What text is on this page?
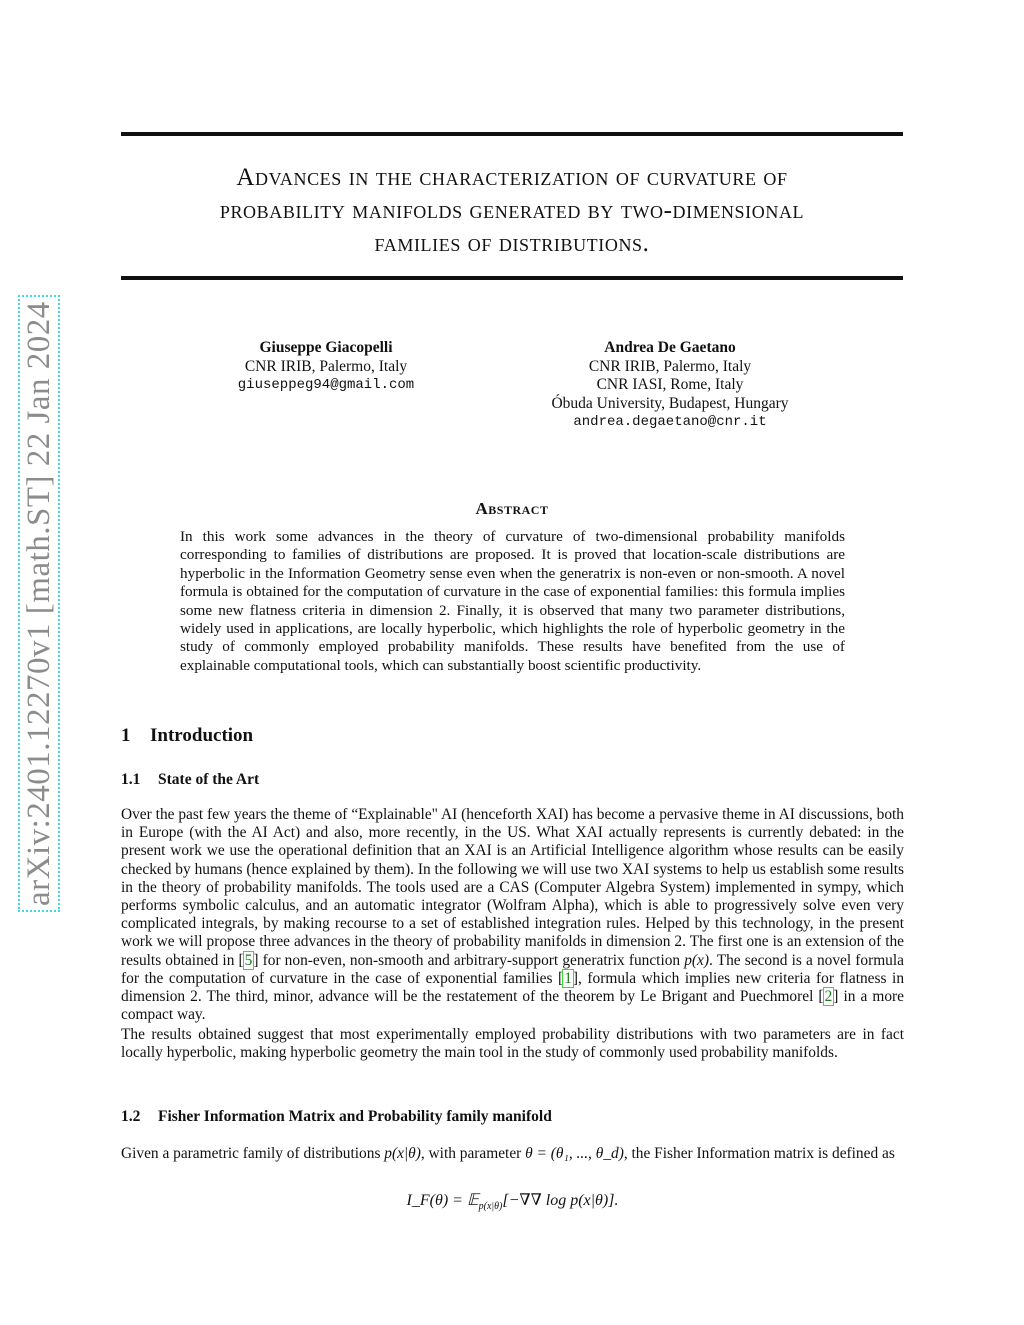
Advances in the characterization of curvature of
probability manifolds generated by two-dimensional
families of distributions.
arXiv:2401.12270v1 [math.ST] 22 Jan 2024	Giuseppe Giacopelli
CNR IRIB, Palermo, Italy
giuseppeg94@gmail.com
Andrea De Gaetano
CNR IRIB, Palermo, Italy
CNR IASI, Rome, Italy
Óbuda University, Budapest, Hungary
andrea.degaetano@cnr.it
Abstract

In this work some advances in the theory of curvature of two-dimensional probability manifolds corresponding to families of distributions are proposed. It is proved that location-scale distributions are hyperbolic in the Information Geometry sense even when the generatrix is non-even or non-smooth. A novel formula is obtained for the computation of curvature in the case of exponential families: this formula implies some new flatness criteria in dimension 2. Finally, it is observed that many two parameter distributions, widely used in applications, are locally hyperbolic, which highlights the role of hyperbolic geometry in the study of commonly employed probability manifolds. These results have benefited from the use of explainable computational tools, which can substantially boost scientific productivity.

1 Introduction
1.1 State of the Art

Over the past few years the theme of “Explainable" AI (henceforth XAI) has become a pervasive theme in AI discussions, both in Europe (with the AI Act) and also, more recently, in the US. What XAI actually represents is currently debated: in the present work we use the operational definition that an XAI is an Artificial Intelligence algorithm whose results can be easily checked by humans (hence explained by them). In the following we will use two XAI systems to help us establish some results in the theory of probability manifolds. The tools used are a CAS (Computer Algebra System) implemented in sympy, which performs symbolic calculus, and an automatic integrator (Wolfram Alpha), which is able to progressively solve even very complicated integrals, by making recourse to a set of established integration rules. Helped by this technology, in the present work we will propose three advances in the theory of probability manifolds in dimension 2. The first one is an extension of the results obtained in [5] for non-even, non-smooth and arbitrary-support generatrix function p(x). The second is a novel formula for the computation of curvature in the case of exponential families [1], formula which implies new criteria for flatness in dimension 2. The third, minor, advance will be the restatement of the theorem by Le Brigant and Puechmorel [2] in a more compact way.

The results obtained suggest that most experimentally employed probability distributions with two parameters are in fact locally hyperbolic, making hyperbolic geometry the main tool in the study of commonly used probability manifolds.

1.2 Fisher Information Matrix and Probability family manifold

Given a parametric family of distributions p(x|θ), with parameter θ = (θ₁, ..., θ_d), the Fisher Information matrix is defined as

I_F(θ) = 𝔼$_{p(x|\theta)}$[−∇∇ log p(x|θ)].
